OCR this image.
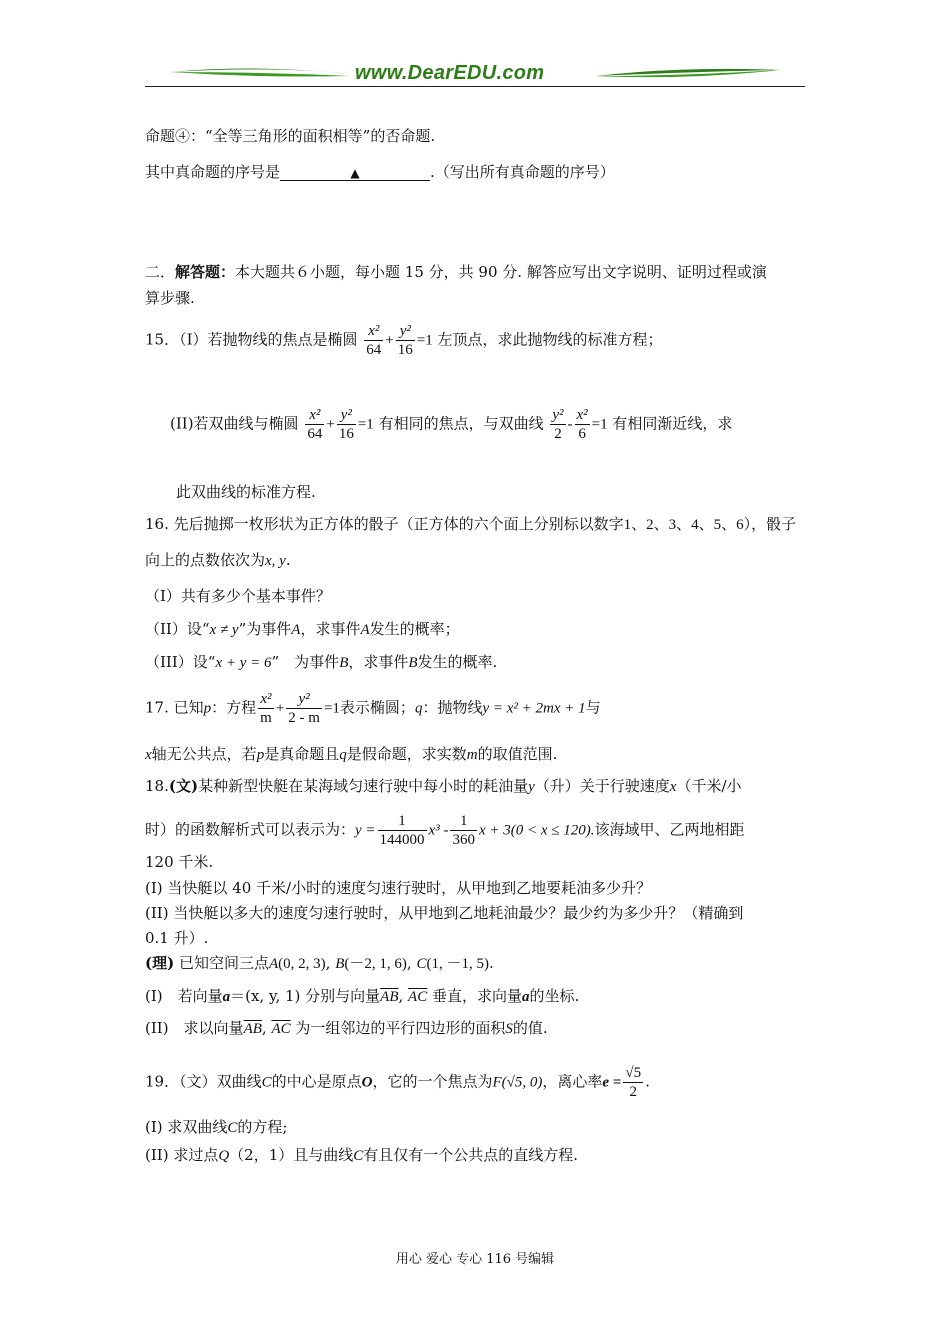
www.DearEDU.com
命题④：“全等三角形的面积相等”的否命题.
其中真命题的序号是	▲	.（写出所有真命题的序号）
二．解答题：本大题共６小题，每小题 15 分，共 90 分. 解答应写出文字说明、证明过程或演
算步骤.
15．（I）若抛物线的焦点是椭圆 $\frac{\text{x²}}{64} + \frac{\text{y²}}{16} =1$ 左顶点，求此抛物线的标准方程；
(II)若双曲线与椭圆 $\frac{\text{x²}}{64} + \frac{\text{y²}}{16} =1$ 有相同的焦点，与双曲线 $\frac{\text{y²}}{2} - \frac{\text{x²}}{6} =1$ 有相同渐近线，求
此双曲线的标准方程.
16. 先后抛掷一枚形状为正方体的骰子（正方体的六个面上分别标以数字1、2、3、4、5、6），骰子
向上的点数依次为x, y.
（I）共有多少个基本事件？
（II）设“x ≠ y”为事件A，求事件A发生的概率；
（III）设“x + y = 6”　为事件B，求事件B发生的概率.
17. 已知p：方程 $\frac{\text{x²}}{m} + \frac{\text{y²}}{2 - m} =1$表示椭圆；q：抛物线y = x² + 2mx + 1与
x轴无公共点，若p是真命题且q是假命题，求实数m的取值范围.
18.(文)某种新型快艇在某海域匀速行驶中每小时的耗油量y（升）关于行驶速度x（千米/小
时）的函数解析式可以表示为：$y = \frac{1}{144000} x^3 - \frac{1}{360}$ x + 3(0 < x ≤ 120).该海域甲、乙两地相距
120 千米.
(I) 当快艇以 40 千米/小时的速度匀速行驶时，从甲地到乙地要耗油多少升？
(II) 当快艇以多大的速度匀速行驶时，从甲地到乙地耗油最少？最少约为多少升？（精确到
0.1 升）.
(理) 已知空间三点A(0, 2, 3), B(－2, 1, 6), C(1, －1, 5).
(I)　若向量a＝(x, y, 1) 分别与向量$\overline{AB}$, $\overline{AC}$ 垂直，求向量a的坐标.
(II)　求以向量$\overline{AB}$, $\overline{AC}$ 为一组邻边的平行四边形的面积S的值.
19．（文）双曲线C的中心是原点O，它的一个焦点为F(√5, 0)，离心率$e = \frac{√5}{2}$ .
(I) 求双曲线C的方程;
(II) 求过点Q（2，1）且与曲线C有且仅有一个公共点的直线方程.
用心 爱心 专心 116 号编辑
